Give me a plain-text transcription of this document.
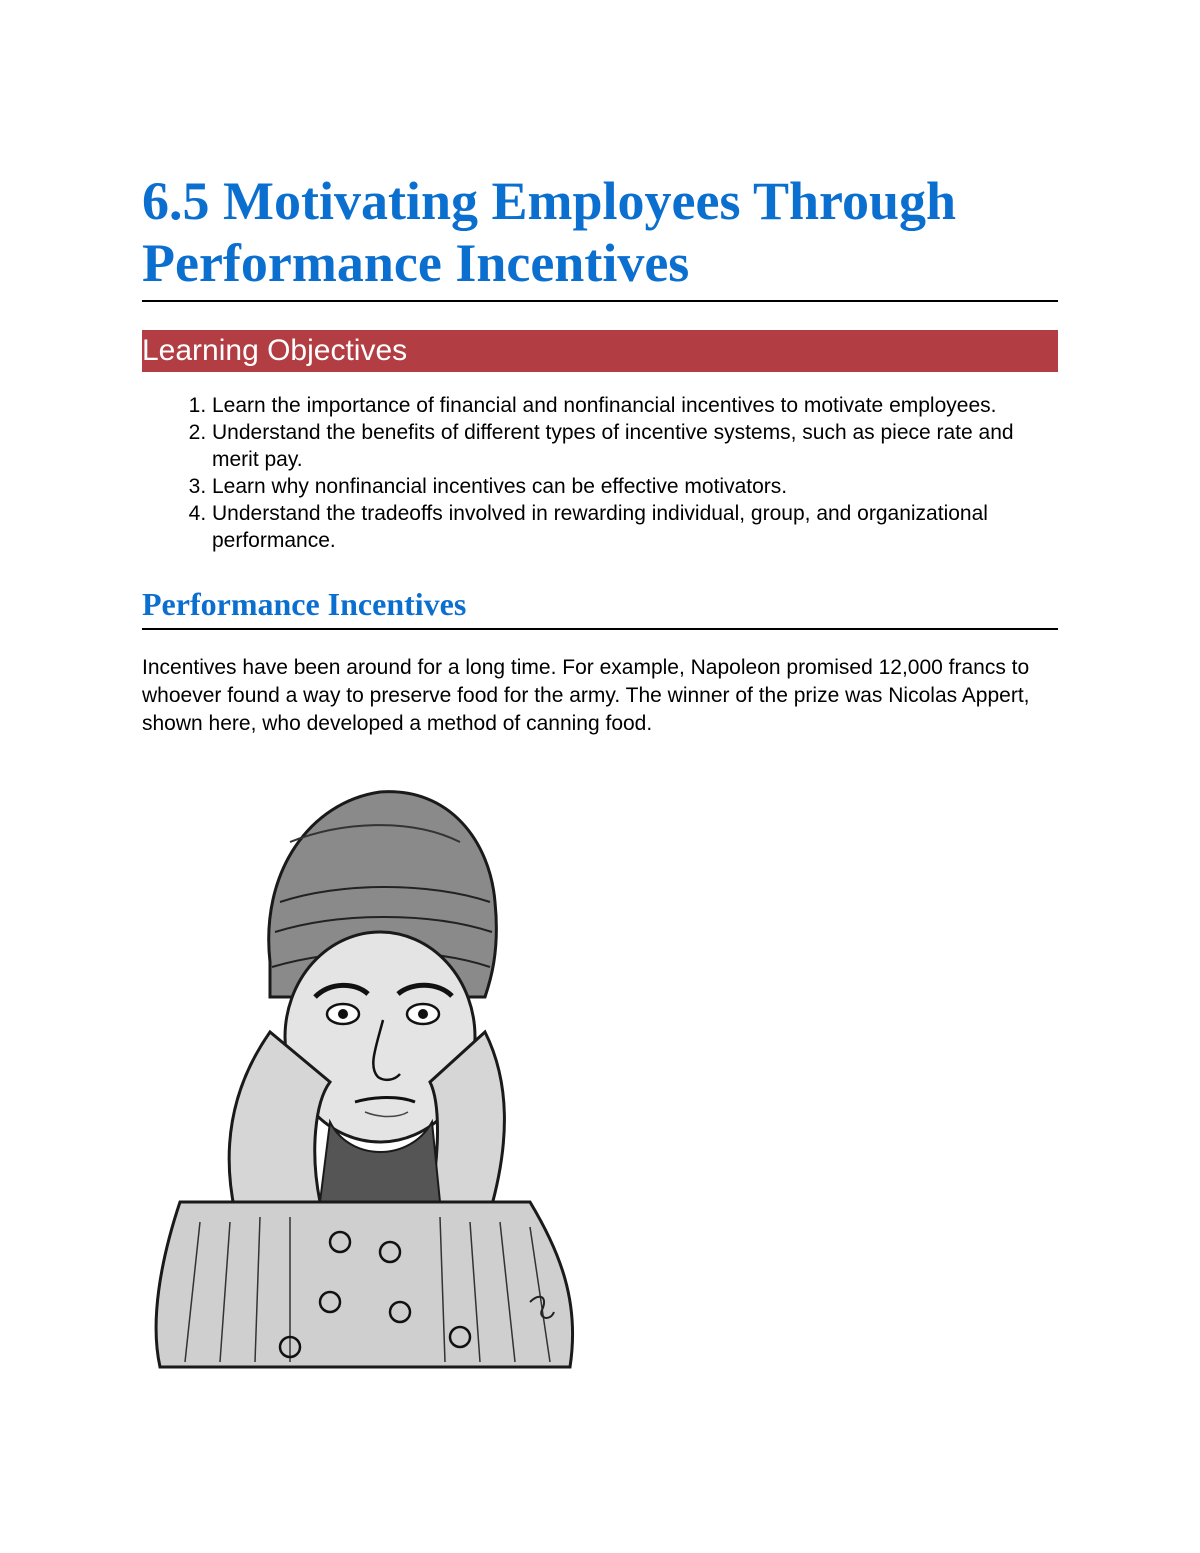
6.5 Motivating Employees Through Performance Incentives
Learning Objectives
1. Learn the importance of financial and nonfinancial incentives to motivate employees.
2. Understand the benefits of different types of incentive systems, such as piece rate and merit pay.
3. Learn why nonfinancial incentives can be effective motivators.
4. Understand the tradeoffs involved in rewarding individual, group, and organizational performance.
Performance Incentives

Incentives have been around for a long time. For example, Napoleon promised 12,000 francs to whoever found a way to preserve food for the army. The winner of the prize was Nicolas Appert, shown here, who developed a method of canning food.
